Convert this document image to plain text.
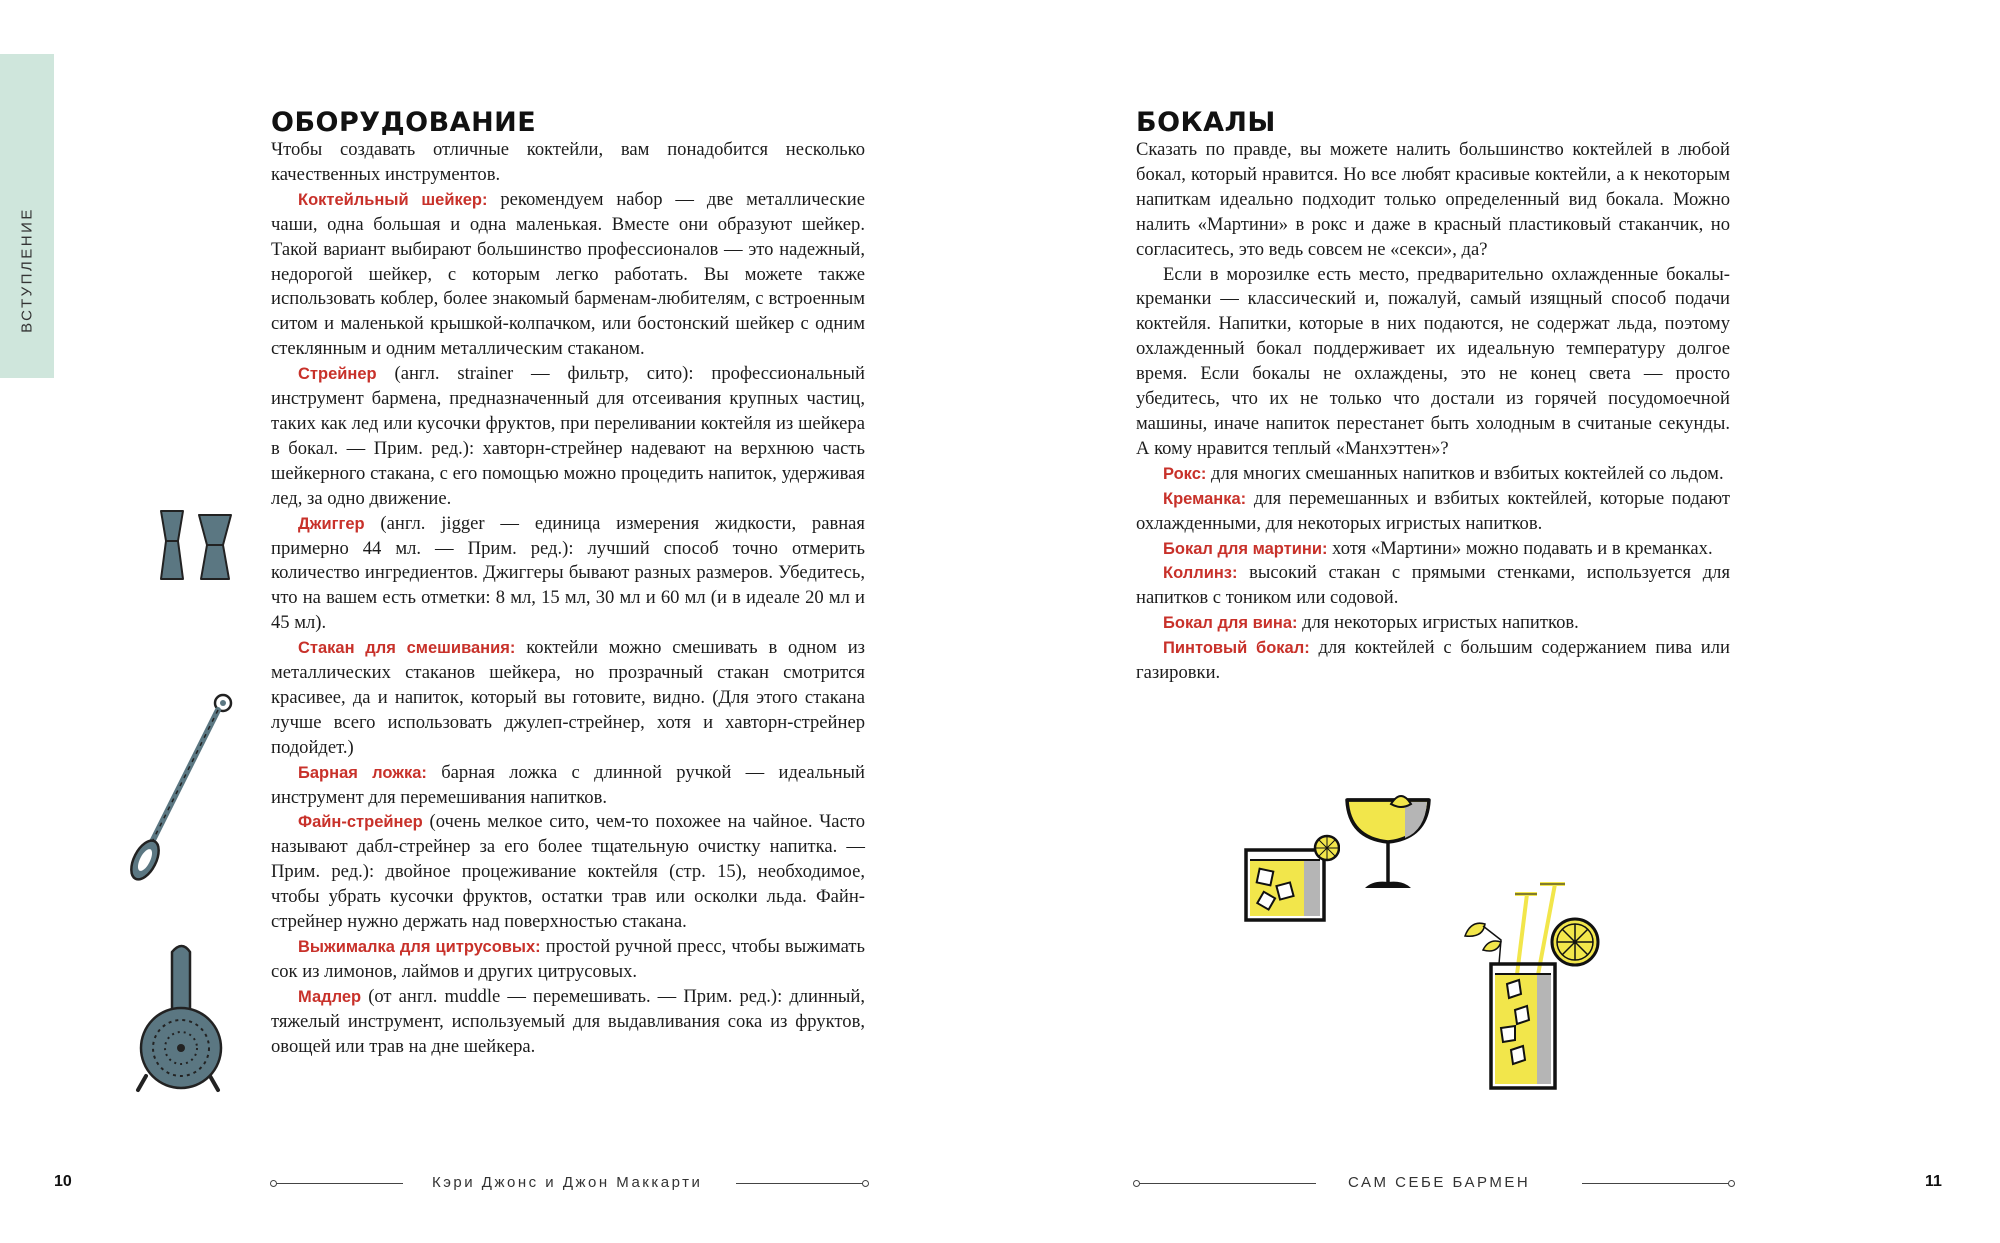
ВСТУПЛЕНИЕ
ОБОРУДОВАНИЕ

Чтобы создавать отличные коктейли, вам понадобится несколько качественных инструментов.

Коктейльный шейкер: рекомендуем набор — две металлические чаши, одна большая и одна маленькая. Вместе они образуют шейкер. Такой вариант выбирают большинство профессионалов — это надежный, недорогой шейкер, с которым легко работать. Вы можете также использовать коблер, более знакомый барменам-любителям, с встроенным ситом и маленькой крышкой-колпачком, или бостонский шейкер с одним стеклянным и одним металлическим стаканом.

Стрейнер (англ. strainer — фильтр, сито): профессиональный инструмент бармена, предназначенный для отсеивания крупных частиц, таких как лед или кусочки фруктов, при переливании коктейля из шейкера в бокал. — Прим. ред.): хавторн-стрейнер надевают на верхнюю часть шейкерного стакана, с его помощью можно процедить напиток, удерживая лед, за одно движение.

Джиггер (англ. jigger — единица измерения жидкости, равная примерно 44 мл. — Прим. ред.): лучший способ точно отмерить количество ингредиентов. Джиггеры бывают разных размеров. Убедитесь, что на вашем есть отметки: 8 мл, 15 мл, 30 мл и 60 мл (и в идеале 20 мл и 45 мл).

Стакан для смешивания: коктейли можно смешивать в одном из металлических стаканов шейкера, но прозрачный стакан смотрится красивее, да и напиток, который вы готовите, видно. (Для этого стакана лучше всего использовать джулеп-стрейнер, хотя и хавторн-стрейнер подойдет.)

Барная ложка: барная ложка с длинной ручкой — идеальный инструмент для перемешивания напитков.

Файн-стрейнер (очень мелкое сито, чем-то похожее на чайное. Часто называют дабл-стрейнер за его более тщательную очистку напитка. — Прим. ред.): двойное процеживание коктейля (стр. 15), необходимое, чтобы убрать кусочки фруктов, остатки трав или осколки льда. Файн-стрейнер нужно держать над поверхностью стакана.

Выжималка для цитрусовых: простой ручной пресс, чтобы выжимать сок из лимонов, лаймов и других цитрусовых.

Мадлер (от англ. muddle — перемешивать. — Прим. ред.): длинный, тяжелый инструмент, используемый для выдавливания сока из фруктов, овощей или трав на дне шейкера.

10	Кэри Джонс и Джон Маккарти
БОКАЛЫ

Сказать по правде, вы можете налить большинство коктейлей в любой бокал, который нравится. Но все любят красивые коктейли, а к некоторым напиткам идеально подходит только определенный вид бокала. Можно налить «Мартини» в рокс и даже в красный пластиковый стаканчик, но согласитесь, это ведь совсем не «секси», да?

Если в морозилке есть место, предварительно охлажденные бокалы-креманки — классический и, пожалуй, самый изящный способ подачи коктейля. Напитки, которые в них подаются, не содержат льда, поэтому охлажденный бокал поддерживает их идеальную температуру долгое время. Если бокалы не охлаждены, это не конец света — просто убедитесь, что их не только что достали из горячей посудомоечной машины, иначе напиток перестанет быть холодным в считаные секунды. А кому нравится теплый «Манхэттен»?

Рокс: для многих смешанных напитков и взбитых коктейлей со льдом.

Креманка: для перемешанных и взбитых коктейлей, которые подают охлажденными, для некоторых игристых напитков.

Бокал для мартини: хотя «Мартини» можно подавать и в креманках.

Коллинз: высокий стакан с прямыми стенками, используется для напитков с тоником или содовой.

Бокал для вина: для некоторых игристых напитков.

Пинтовый бокал: для коктейлей с большим содержанием пива или газировки.

САМ СЕБЕ БАРМЕН	11
